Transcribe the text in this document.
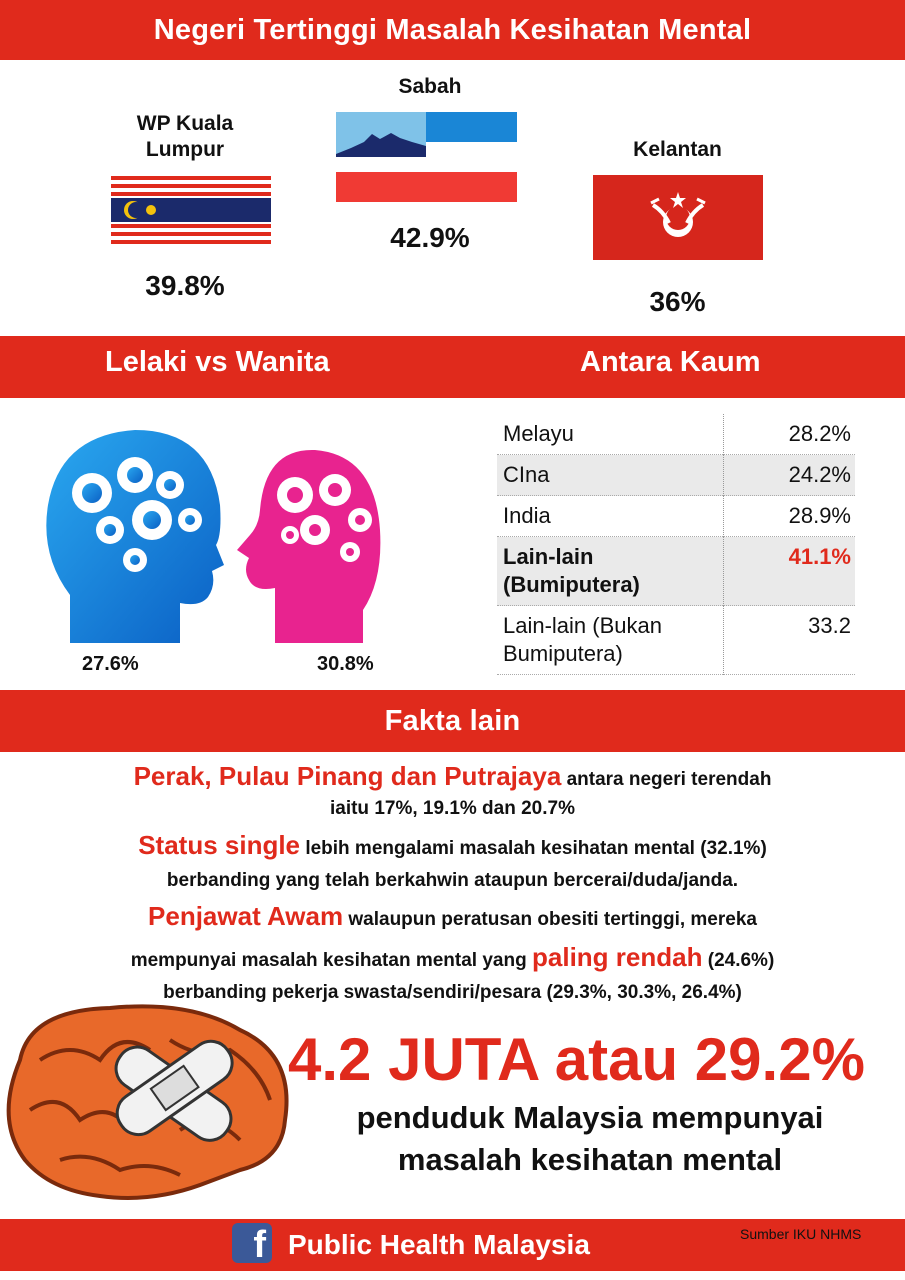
Negeri Tertinggi Masalah Kesihatan Mental
WP Kuala Lumpur
39.8%
Sabah
42.9%
Kelantan
36%
Lelaki vs Wanita	Antara Kaum
27.6%	30.8%
Melayu	28.2%
CIna	24.2%
India	28.9%
Lain-lain (Bumiputera)	41.1%
Lain-lain (Bukan Bumiputera)	33.2
Fakta lain

Perak, Pulau Pinang dan Putrajaya antara negeri terendah

iaitu 17%, 19.1% dan 20.7%

Status single lebih mengalami masalah kesihatan mental (32.1%)

berbanding yang telah berkahwin ataupun bercerai/duda/janda.

Penjawat Awam walaupun peratusan obesiti tertinggi, mereka

mempunyai masalah kesihatan mental yang paling rendah (24.6%)

berbanding pekerja swasta/sendiri/pesara (29.3%, 30.3%, 26.4%)

4.2 JUTA atau 29.2%
penduduk Malaysia mempunyai
masalah kesihatan mental
f Public Health Malaysia	Sumber IKU NHMS
